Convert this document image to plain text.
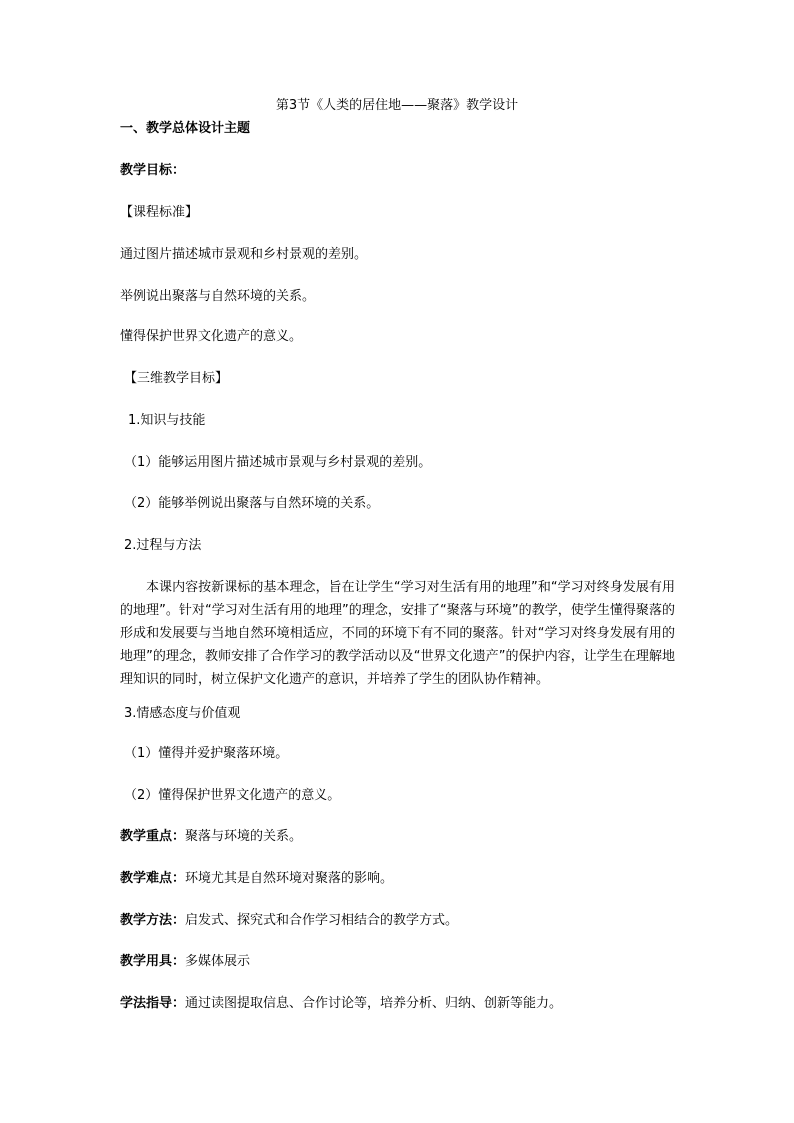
第3节《人类的居住地——聚落》教学设计
一、教学总体设计主题
教学目标：
【课程标准】
通过图片描述城市景观和乡村景观的差别。
举例说出聚落与自然环境的关系。
懂得保护世界文化遗产的意义。
【三维教学目标】
1.知识与技能
（1）能够运用图片描述城市景观与乡村景观的差别。
（2）能够举例说出聚落与自然环境的关系。
2.过程与方法
本课内容按新课标的基本理念，旨在让学生“学习对生活有用的地理”和“学习对终身发展有用的地理”。针对“学习对生活有用的地理”的理念，安排了“聚落与环境”的教学，使学生懂得聚落的形成和发展要与当地自然环境相适应，不同的环境下有不同的聚落。针对“学习对终身发展有用的地理”的理念，教师安排了合作学习的教学活动以及“世界文化遗产”的保护内容，让学生在理解地理知识的同时，树立保护文化遗产的意识，并培养了学生的团队协作精神。
3.情感态度与价值观
（1）懂得并爱护聚落环境。
（2）懂得保护世界文化遗产的意义。
教学重点：聚落与环境的关系。
教学难点：环境尤其是自然环境对聚落的影响。
教学方法：启发式、探究式和合作学习相结合的教学方式。
教学用具：多媒体展示
学法指导：通过读图提取信息、合作讨论等，培养分析、归纳、创新等能力。
